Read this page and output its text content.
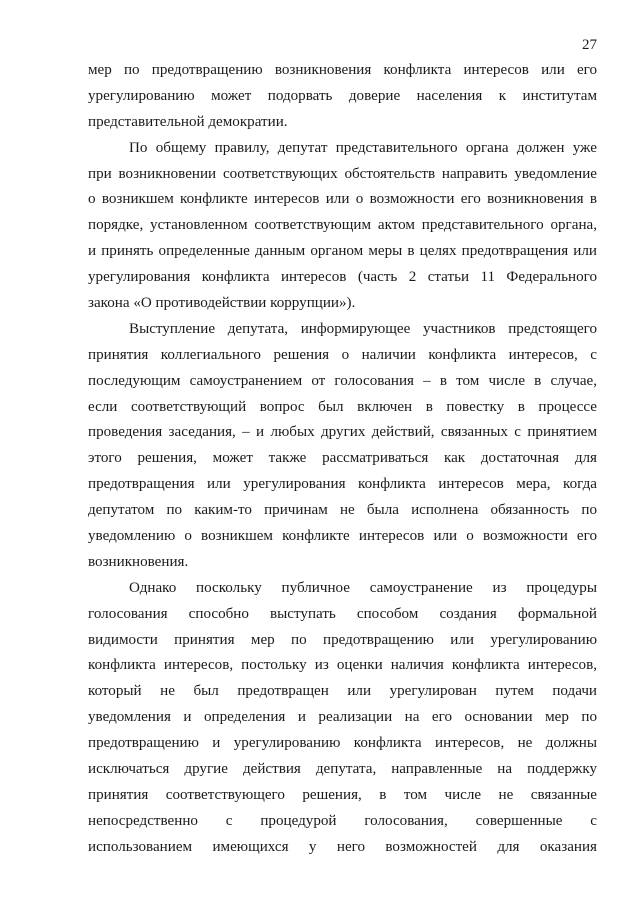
27
мер по предотвращению возникновения конфликта интересов или его
урегулированию может подорвать доверие населения к институтам
представительной демократии.
По общему правилу, депутат представительного органа должен уже
при возникновении соответствующих обстоятельств направить уведомление
о возникшем конфликте интересов или о возможности его возникновения в
порядке, установленном соответствующим актом представительного органа,
и принять определенные данным органом меры в целях предотвращения или
урегулирования конфликта интересов (часть 2 статьи 11 Федерального
закона «О противодействии коррупции»).
Выступление депутата, информирующее участников предстоящего
принятия коллегиального решения о наличии конфликта интересов, с
последующим самоустранением от голосования – в том числе в случае,
если соответствующий вопрос был включен в повестку в процессе
проведения заседания, – и любых других действий, связанных с принятием
этого решения, может также рассматриваться как достаточная для
предотвращения или урегулирования конфликта интересов мера, когда
депутатом по каким-то причинам не была исполнена обязанность по
уведомлению о возникшем конфликте интересов или о возможности его
возникновения.
Однако поскольку публичное самоустранение из процедуры
голосования способно выступать способом создания формальной
видимости принятия мер по предотвращению или урегулированию
конфликта интересов, постольку из оценки наличия конфликта интересов,
который не был предотвращен или урегулирован путем подачи
уведомления и определения и реализации на его основании мер по
предотвращению и урегулированию конфликта интересов, не должны
исключаться другие действия депутата, направленные на поддержку
принятия соответствующего решения, в том числе не связанные
непосредственно с процедурой голосования, совершенные с
использованием имеющихся у него возможностей для оказания
